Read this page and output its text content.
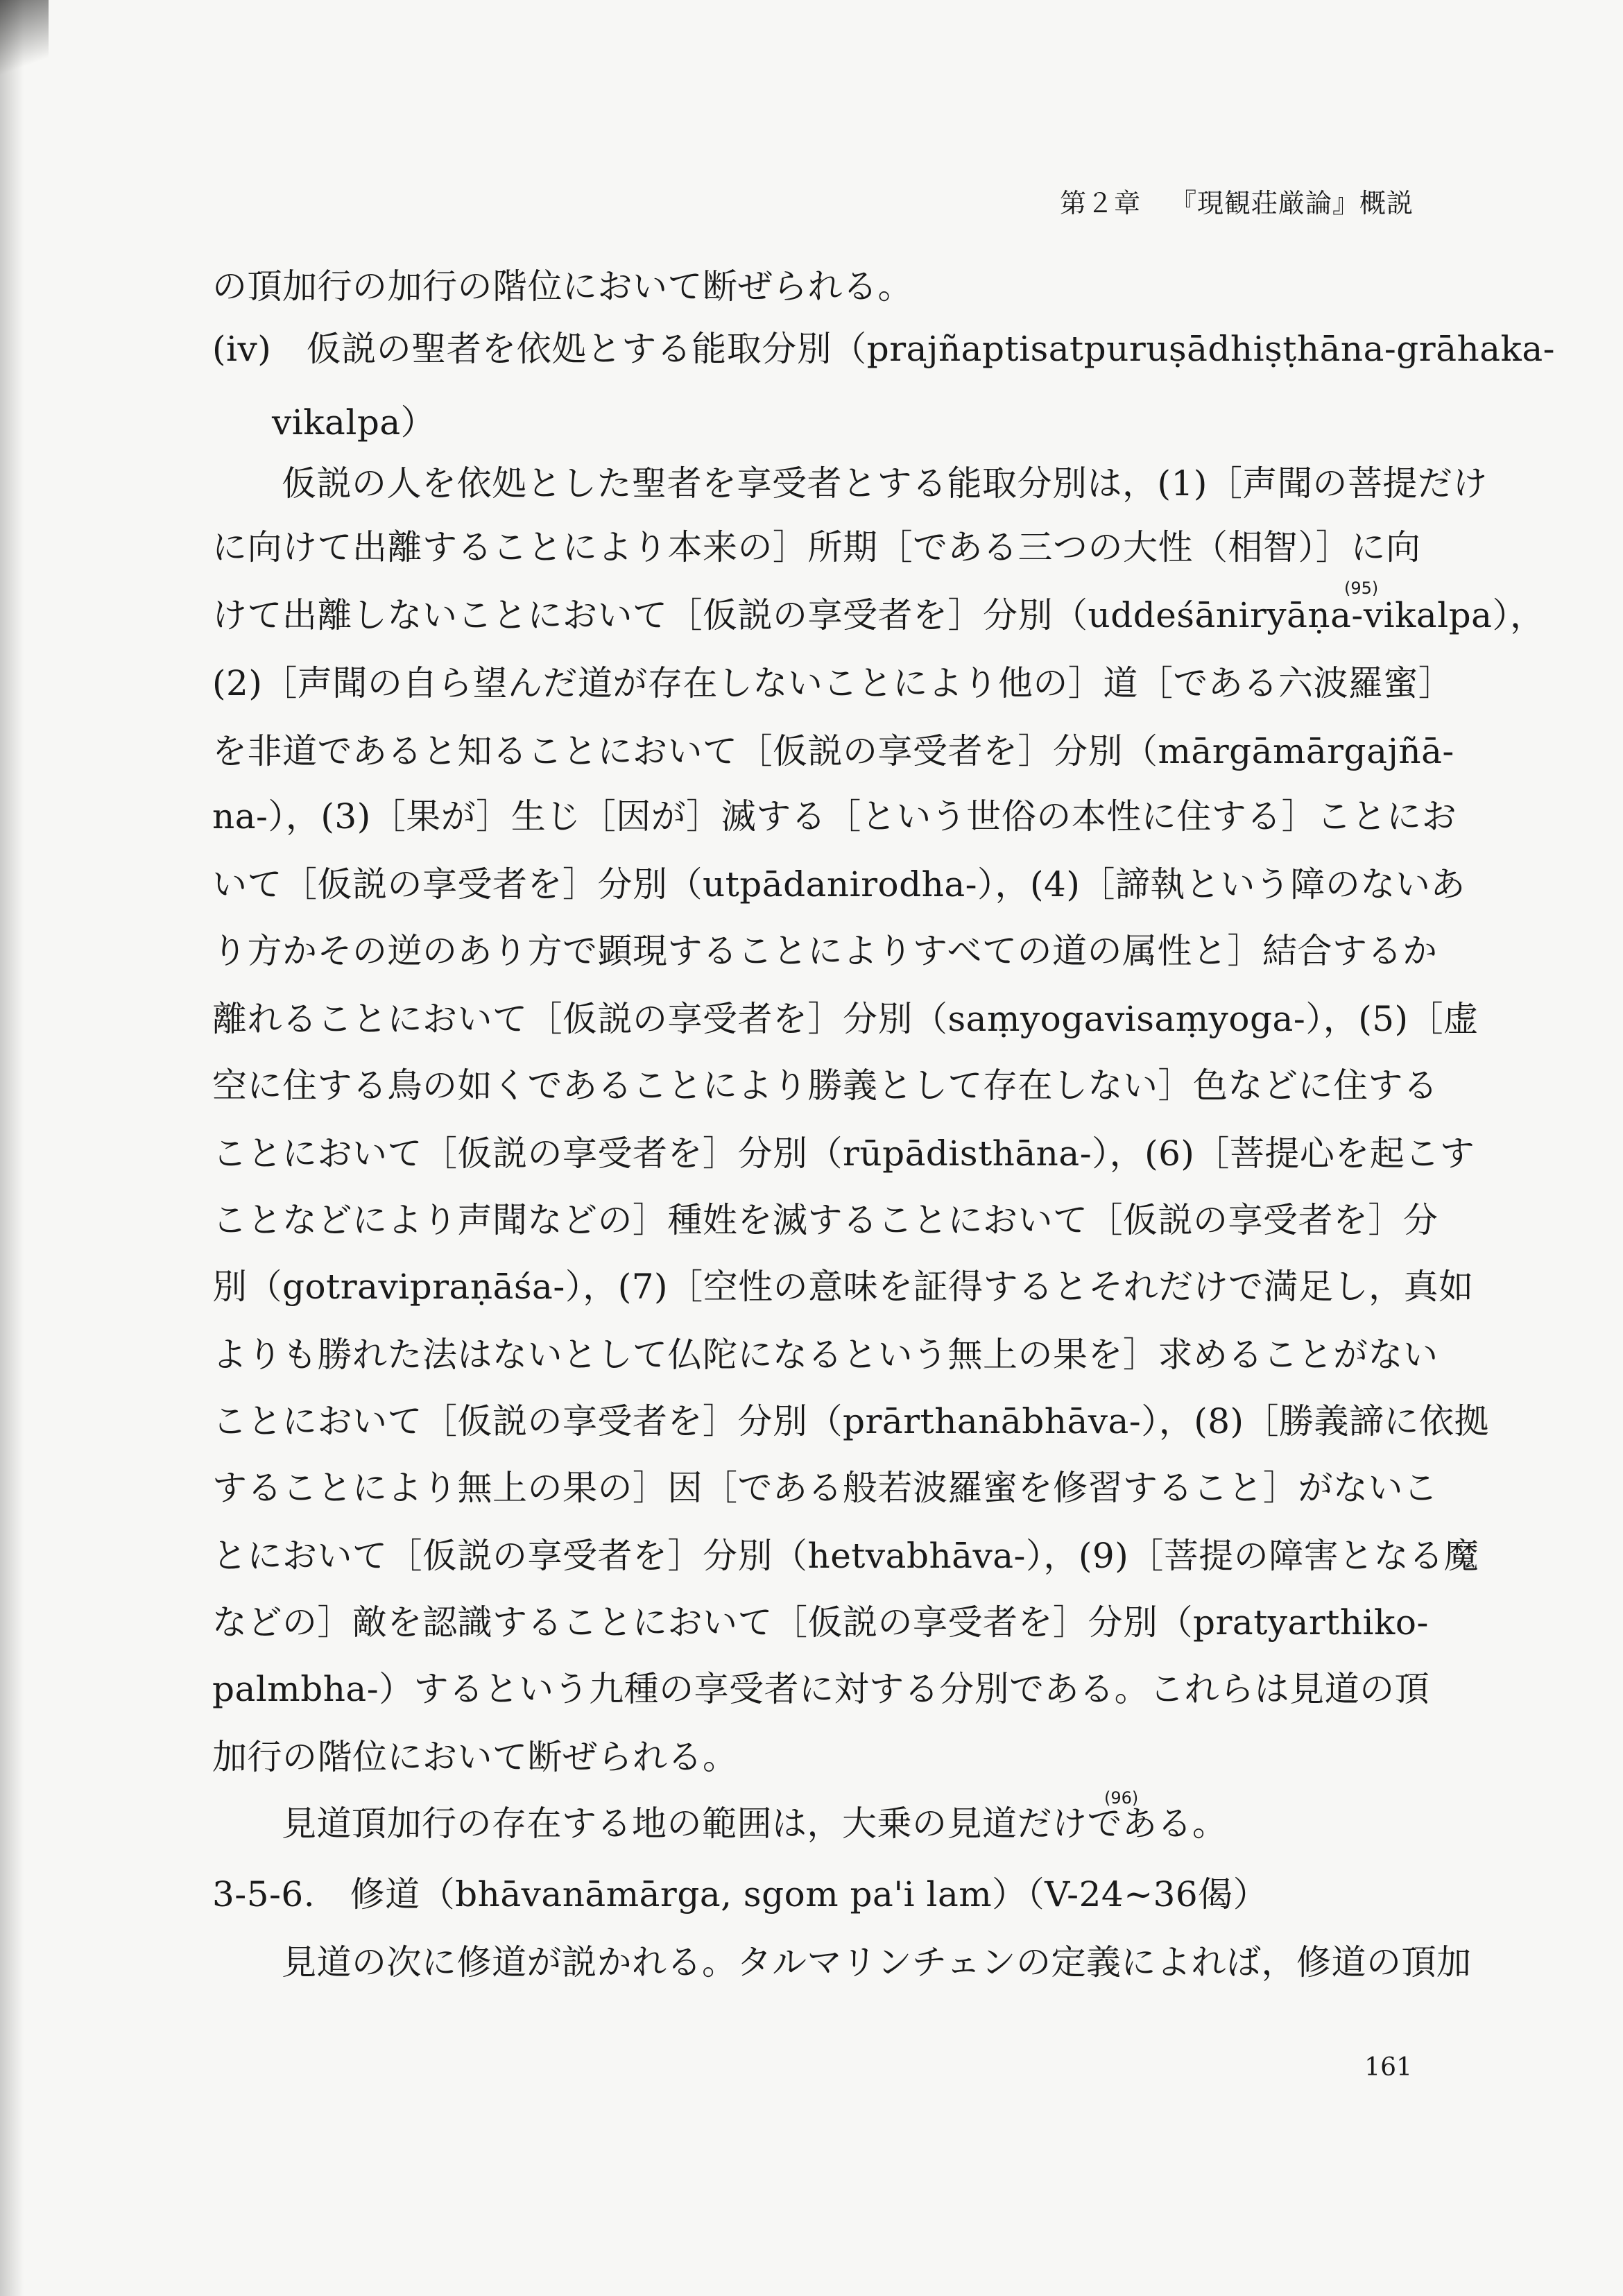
第２章 『現観荘厳論』概説
の頂加行の加行の階位において断ぜられる。
(iv)　仮説の聖者を依処とする能取分別（prajñaptisatpuruṣādhiṣṭhāna-grāhaka-
vikalpa）
仮説の人を依処とした聖者を享受者とする能取分別は，(1)［声聞の菩提だけ
に向けて出離することにより本来の］所期［である三つの大性（相智）］に向
(95)
けて出離しないことにおいて［仮説の享受者を］分別（uddeśāniryāṇa-vikalpa），
(2)［声聞の自ら望んだ道が存在しないことにより他の］道［である六波羅蜜］
を非道であると知ることにおいて［仮説の享受者を］分別（mārgāmārgajñā-
na-），(3)［果が］生じ［因が］滅する［という世俗の本性に住する］ことにお
いて［仮説の享受者を］分別（utpādanirodha-），(4)［諦執という障のないあ
り方かその逆のあり方で顕現することによりすべての道の属性と］結合するか
離れることにおいて［仮説の享受者を］分別（saṃyogavisaṃyoga-），(5)［虚
空に住する鳥の如くであることにより勝義として存在しない］色などに住する
ことにおいて［仮説の享受者を］分別（rūpādisthāna-），(6)［菩提心を起こす
ことなどにより声聞などの］種姓を滅することにおいて［仮説の享受者を］分
別（gotravipraṇāśa-），(7)［空性の意味を証得するとそれだけで満足し，真如
よりも勝れた法はないとして仏陀になるという無上の果を］求めることがない
ことにおいて［仮説の享受者を］分別（prārthanābhāva-），(8)［勝義諦に依拠
することにより無上の果の］因［である般若波羅蜜を修習すること］がないこ
とにおいて［仮説の享受者を］分別（hetvabhāva-），(9)［菩提の障害となる魔
などの］敵を認識することにおいて［仮説の享受者を］分別（pratyarthiko-
palmbha-）するという九種の享受者に対する分別である。これらは見道の頂
加行の階位において断ぜられる。
(96)
見道頂加行の存在する地の範囲は，大乗の見道だけである。
3-5-6.　修道（bhāvanāmārga, sgom pa'i lam）（V-24~36偈）
見道の次に修道が説かれる。タルマリンチェンの定義によれば，修道の頂加
161
